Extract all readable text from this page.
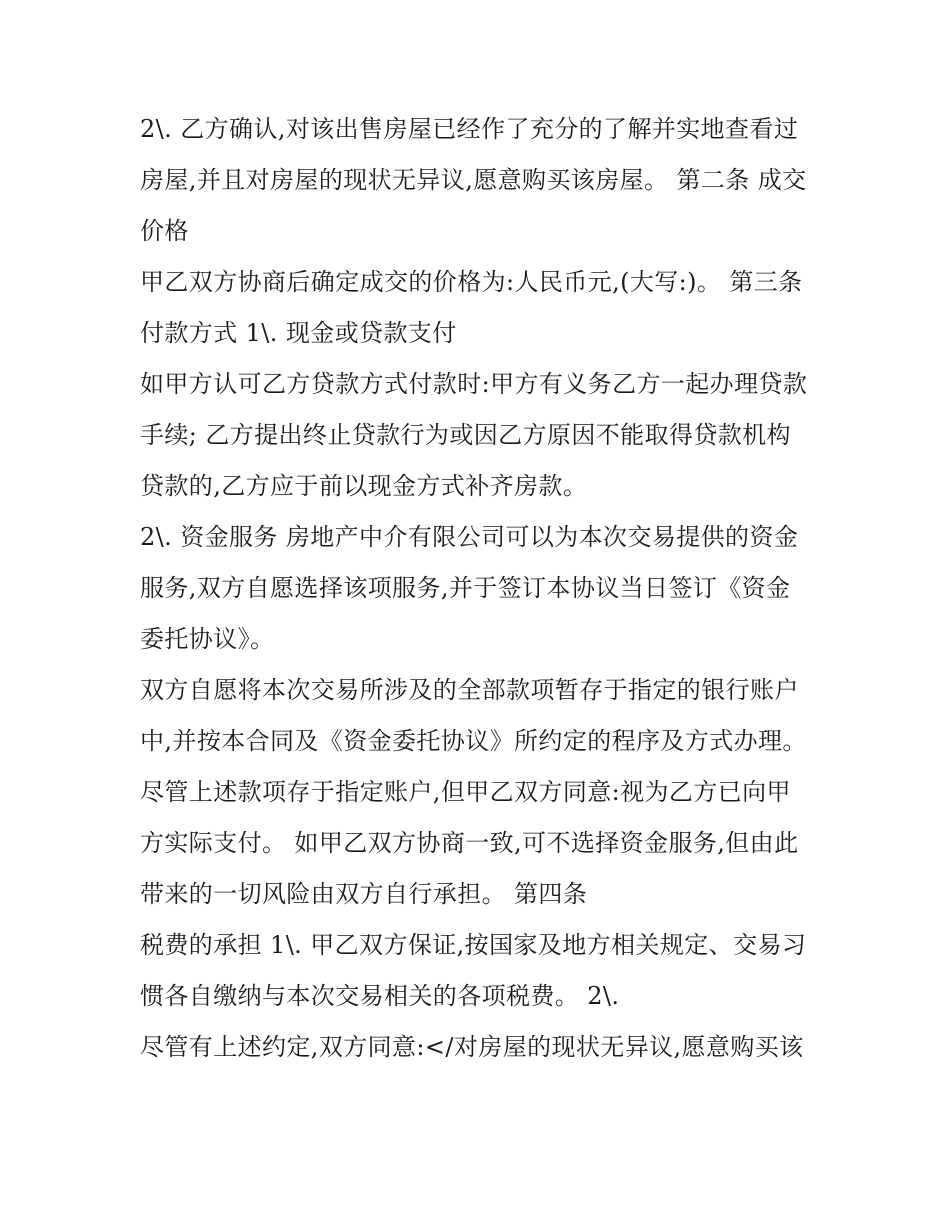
2\. 乙方确认,对该出售房屋已经作了充分的了解并实地查看过房屋,并且对房屋的现状无异议,愿意购买该房屋。 第二条 成交价格

甲乙双方协商后确定成交的价格为:人民币元,(大写:)。 第三条 付款方式 1\. 现金或贷款支付

如甲方认可乙方贷款方式付款时:甲方有义务乙方一起办理贷款手续; 乙方提出终止贷款行为或因乙方原因不能取得贷款机构贷款的,乙方应于前以现金方式补齐房款。

2\. 资金服务 房地产中介有限公司可以为本次交易提供的资金服务,双方自愿选择该项服务,并于签订本协议当日签订《资金委托协议》。

双方自愿将本次交易所涉及的全部款项暂存于指定的银行账户中,并按本合同及《资金委托协议》所约定的程序及方式办理。

尽管上述款项存于指定账户,但甲乙双方同意:视为乙方已向甲方实际支付。 如甲乙双方协商一致,可不选择资金服务,但由此带来的一切风险由双方自行承担。 第四条

税费的承担 1\. 甲乙双方保证,按国家及地方相关规定、交易习惯各自缴纳与本次交易相关的各项税费。 2\.

尽管有上述约定,双方同意:</对房屋的现状无异议,愿意购买该
